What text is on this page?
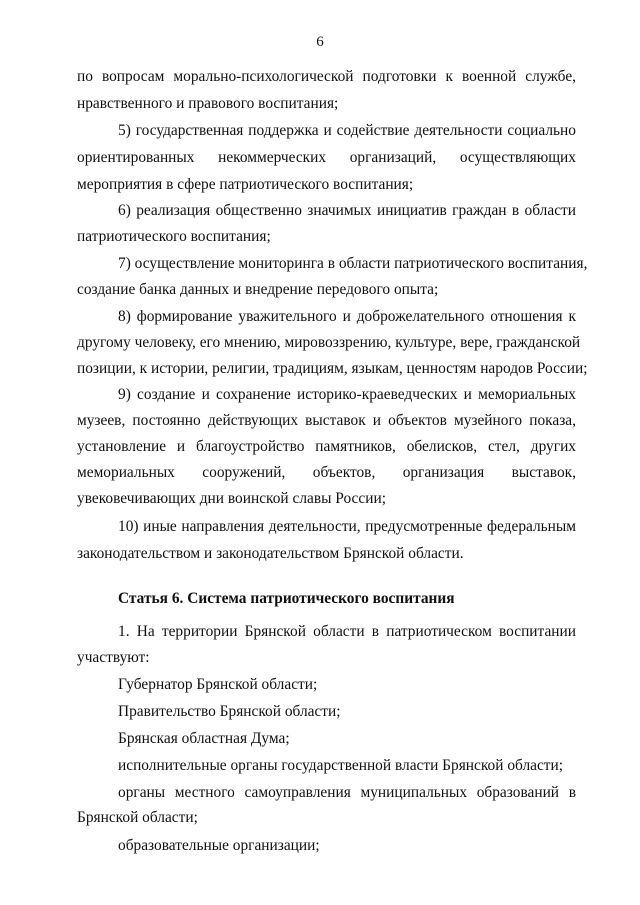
6
по вопросам морально-психологической подготовки к военной службе,
нравственного и правового воспитания;
5) государственная поддержка и содействие деятельности социально
ориентированных некоммерческих организаций, осуществляющих
мероприятия в сфере патриотического воспитания;
6) реализация общественно значимых инициатив граждан в области
патриотического воспитания;
7) осуществление мониторинга в области патриотического воспитания,
создание банка данных и внедрение передового опыта;
8) формирование уважительного и доброжелательного отношения к
другому человеку, его мнению, мировоззрению, культуре, вере, гражданской
позиции, к истории, религии, традициям, языкам, ценностям народов России;
9) создание и сохранение историко-краеведческих и мемориальных
музеев, постоянно действующих выставок и объектов музейного показа,
установление и благоустройство памятников, обелисков, стел, других
мемориальных сооружений, объектов, организация выставок,
увековечивающих дни воинской славы России;
10) иные направления деятельности, предусмотренные федеральным
законодательством и законодательством Брянской области.
Статья 6. Система патриотического воспитания
1. На территории Брянской области в патриотическом воспитании
участвуют:
Губернатор Брянской области;
Правительство Брянской области;
Брянская областная Дума;
исполнительные органы государственной власти Брянской области;
органы местного самоуправления муниципальных образований в
Брянской области;
образовательные организации;
